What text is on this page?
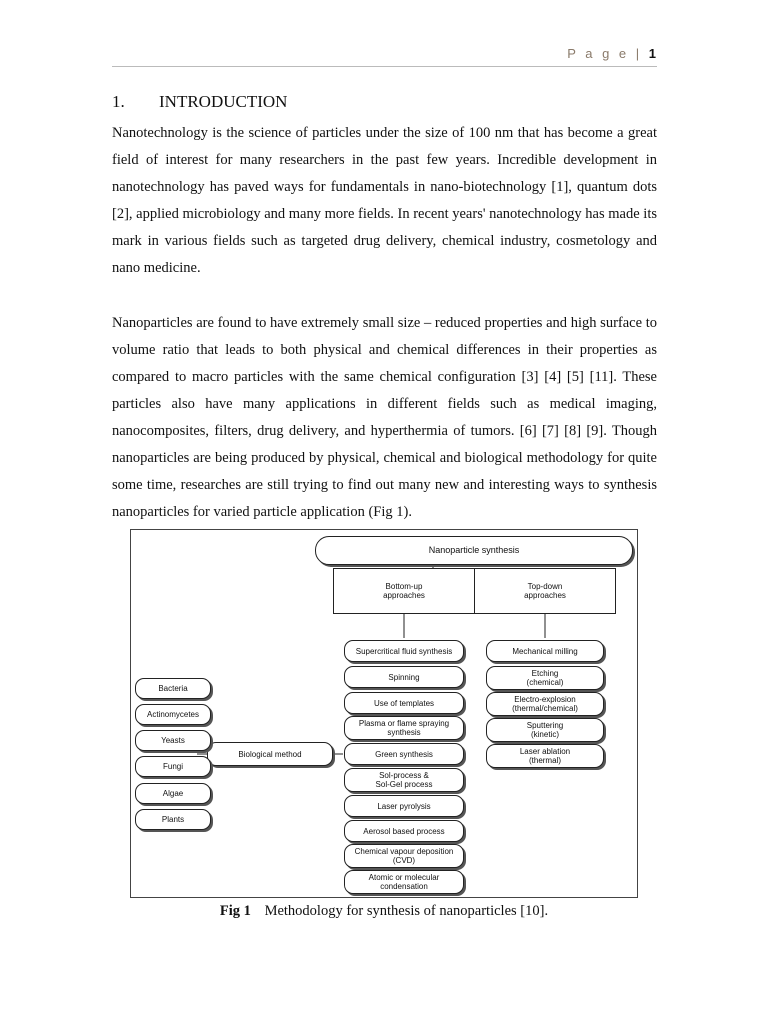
P a g e | 1
1. INTRODUCTION

Nanotechnology is the science of particles under the size of 100 nm that has become a great field of interest for many researchers in the past few years. Incredible development in nanotechnology has paved ways for fundamentals in nano-biotechnology [1], quantum dots [2], applied microbiology and many more fields. In recent years' nanotechnology has made its mark in various fields such as targeted drug delivery, chemical industry, cosmetology and nano medicine.

Nanoparticles are found to have extremely small size – reduced properties and high surface to volume ratio that leads to both physical and chemical differences in their properties as compared to macro particles with the same chemical configuration [3] [4] [5] [11]. These particles also have many applications in different fields such as medical imaging, nanocomposites, filters, drug delivery, and hyperthermia of tumors. [6] [7] [8] [9]. Though nanoparticles are being produced by physical, chemical and biological methodology for quite some time, researches are still trying to find out many new and interesting ways to synthesis nanoparticles for varied particle application (Fig 1).

Nanoparticle synthesis
Bottom-up
approaches
Top-down
approaches
Supercritical fluid synthesis
Spinning
Use of templates
Plasma or flame spraying
synthesis
Green synthesis
Sol-process &
Sol-Gel process
Laser pyrolysis
Aerosol based process
Chemical vapour deposition
(CVD)
Atomic or molecular
condensation
Mechanical milling
Etching
(chemical)
Electro-explosion
(thermal/chemical)
Sputtering
(kinetic)
Laser ablation
(thermal)
Biological method
Bacteria
Actinomycetes
Yeasts
Fungi
Algae
Plants
Fig 1 Methodology for synthesis of nanoparticles [10].
